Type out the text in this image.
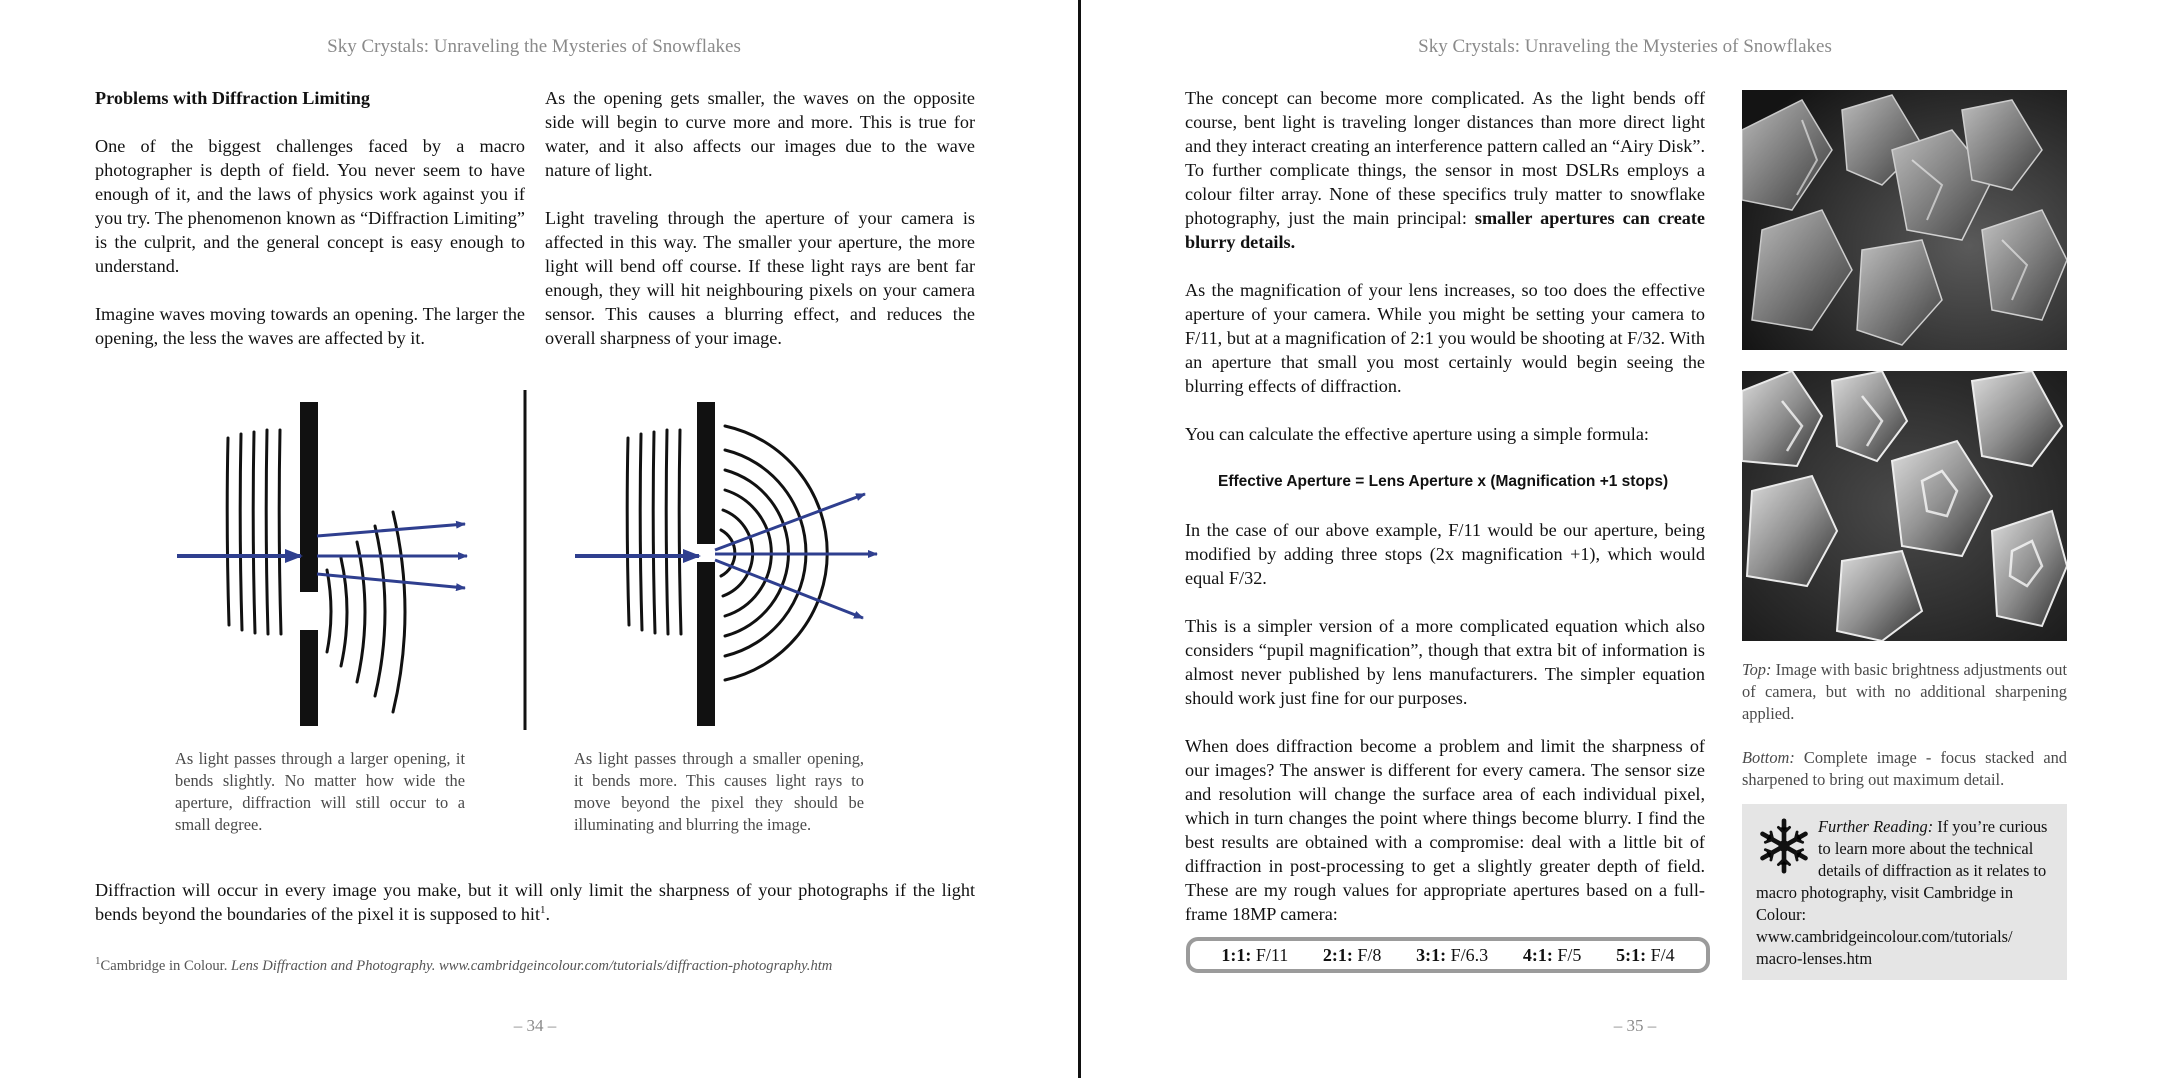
Sky Crystals: Unraveling the Mysteries of Snowflakes

Problems with Diffraction Limiting

One of the biggest challenges faced by a macro photographer is depth of field. You never seem to have enough of it, and the laws of physics work against you if you try. The phenomenon known as “Diffraction Limiting” is the culprit, and the general concept is easy enough to understand.

Imagine waves moving towards an opening. The larger the opening, the less the waves are affected by it.

As the opening gets smaller, the waves on the opposite side will begin to curve more and more. This is true for water, and it also affects our images due to the wave nature of light.

Light traveling through the aperture of your camera is affected in this way. The smaller your aperture, the more light will bend off course. If these light rays are bent far enough, they will hit neighbouring pixels on your camera sensor. This causes a blurring effect, and reduces the overall sharpness of your image.

As light passes through a larger opening, it bends slightly. No matter how wide the aperture, diffraction will still occur to a small degree.
As light passes through a smaller opening, it bends more. This causes light rays to move beyond the pixel they should be illuminating and blurring the image.
Diffraction will occur in every image you make, but it will only limit the sharpness of your photographs if the light bends beyond the boundaries of the pixel it is supposed to hit$^1$.
$^1$Cambridge in Colour. Lens Diffraction and Photography. www.cambridgeincolour.com/tutorials/diffraction-photography.htm
– 34 –
Sky Crystals: Unraveling the Mysteries of Snowflakes

The concept can become more complicated. As the light bends off course, bent light is traveling longer distances than more direct light and they interact creating an interference pattern called an “Airy Disk”. To further complicate things, the sensor in most DSLRs employs a colour filter array. None of these specifics truly matter to snowflake photography, just the main principal: smaller apertures can create blurry details.

As the magnification of your lens increases, so too does the effective aperture of your camera. While you might be setting your camera to F/11, but at a magnification of 2:1 you would be shooting at F/32. With an aperture that small you most certainly would begin seeing the blurring effects of diffraction.

You can calculate the effective aperture using a simple formula:

Effective Aperture = Lens Aperture x (Magnification +1 stops)

In the case of our above example, F/11 would be our aperture, being modified by adding three stops (2x magnification +1), which would equal F/32.

This is a simpler version of a more complicated equation which also considers “pupil magnification”, though that extra bit of information is almost never published by lens manufacturers. The simpler equation should work just fine for our purposes.

When does diffraction become a problem and limit the sharpness of our images? The answer is different for every camera. The sensor size and resolution will change the surface area of each individual pixel, which in turn changes the point where things become blurry. I find the best results are obtained with a compromise: deal with a little bit of diffraction in post-processing to get a slightly greater depth of field. These are my rough values for appropriate apertures based on a full-frame 18MP camera:

1:1: F/11 2:1: F/8 3:1: F/6.3 4:1: F/5 5:1: F/4
Top: Image with basic brightness adjustments out of camera, but with no additional sharpening applied.
Bottom: Complete image - focus stacked and sharpened to bring out maximum detail.
Further Reading: If you’re curious to learn more about the technical details of diffraction as it relates to macro photography, visit Cambridge in Colour: www.cambridgeincolour.com/tutorials/ macro-lenses.htm
– 35 –
